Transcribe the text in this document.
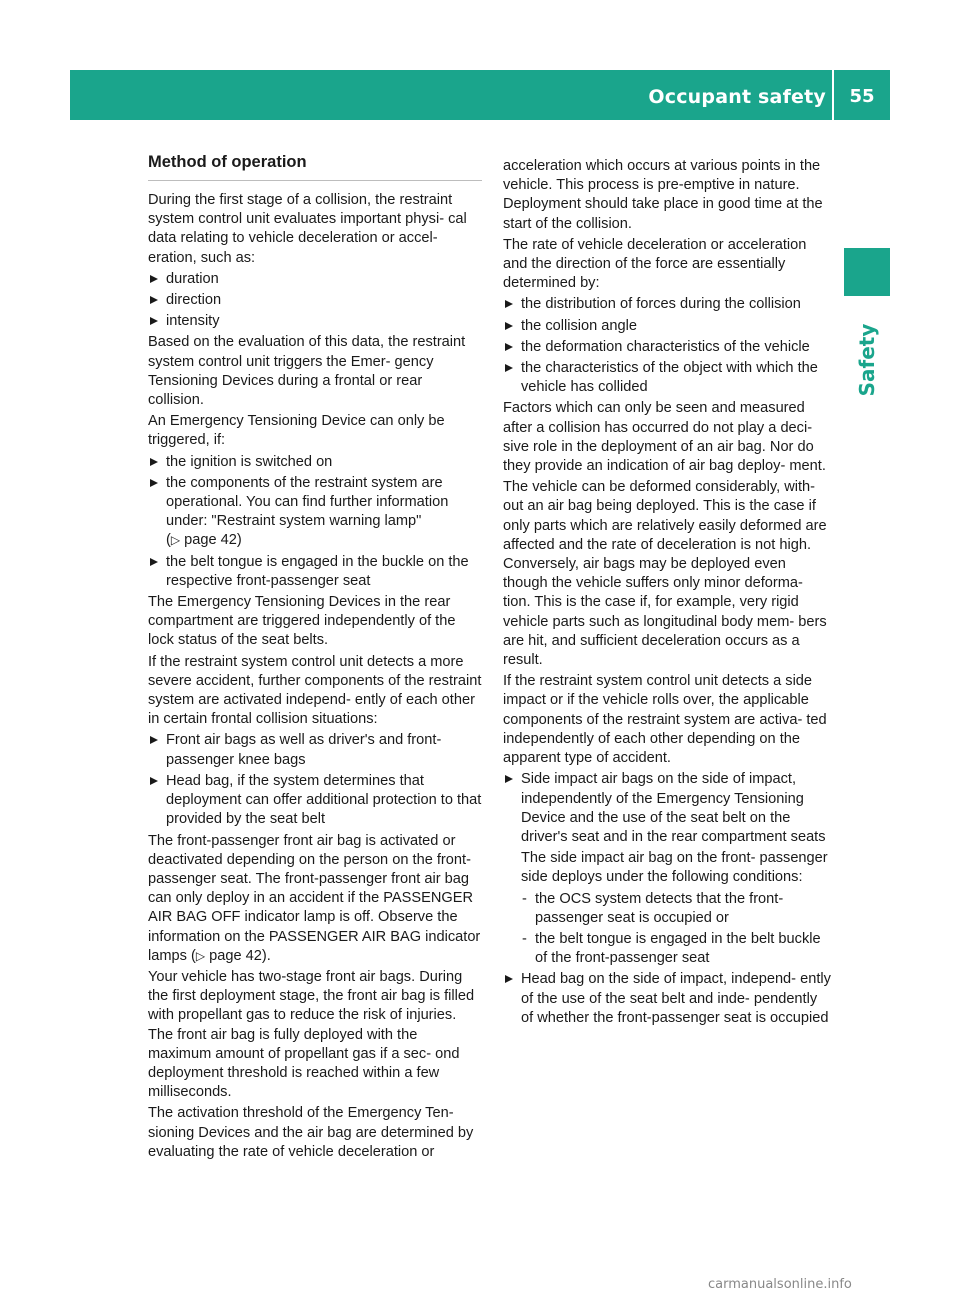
Occupant safety	55
Safety
Method of operation

During the first stage of a collision, the restraint system control unit evaluates important physi- cal data relating to vehicle deceleration or accel- eration, such as:

duration
direction
intensity

Based on the evaluation of this data, the restraint system control unit triggers the Emer- gency Tensioning Devices during a frontal or rear collision.

An Emergency Tensioning Device can only be triggered, if:

the ignition is switched on
the components of the restraint system are operational. You can find further information under: "Restraint system warning lamp"
(▷ page 42)
the belt tongue is engaged in the buckle on the respective front-passenger seat

The Emergency Tensioning Devices in the rear compartment are triggered independently of the lock status of the seat belts.

If the restraint system control unit detects a more severe accident, further components of the restraint system are activated independ- ently of each other in certain frontal collision situations:

Front air bags as well as driver's and front- passenger knee bags
Head bag, if the system determines that deployment can offer additional protection to that provided by the seat belt

The front-passenger front air bag is activated or deactivated depending on the person on the front-passenger seat. The front-passenger front air bag can only deploy in an accident if the PASSENGER AIR BAG OFF indicator lamp is off. Observe the information on the PASSENGER AIR BAG indicator lamps (▷ page 42).

Your vehicle has two-stage front air bags. During the first deployment stage, the front air bag is filled with propellant gas to reduce the risk of injuries. The front air bag is fully deployed with the maximum amount of propellant gas if a sec- ond deployment threshold is reached within a few milliseconds.

The activation threshold of the Emergency Ten- sioning Devices and the air bag are determined by evaluating the rate of vehicle deceleration or

acceleration which occurs at various points in the vehicle. This process is pre-emptive in nature. Deployment should take place in good time at the start of the collision.

The rate of vehicle deceleration or acceleration and the direction of the force are essentially determined by:

the distribution of forces during the collision
the collision angle
the deformation characteristics of the vehicle
the characteristics of the object with which the vehicle has collided

Factors which can only be seen and measured after a collision has occurred do not play a deci- sive role in the deployment of an air bag. Nor do they provide an indication of air bag deploy- ment.

The vehicle can be deformed considerably, with- out an air bag being deployed. This is the case if only parts which are relatively easily deformed are affected and the rate of deceleration is not high. Conversely, air bags may be deployed even though the vehicle suffers only minor deforma- tion. This is the case if, for example, very rigid vehicle parts such as longitudinal body mem- bers are hit, and sufficient deceleration occurs as a result.

If the restraint system control unit detects a side impact or if the vehicle rolls over, the applicable components of the restraint system are activa- ted independently of each other depending on the apparent type of accident.

Side impact air bags on the side of impact, independently of the Emergency Tensioning Device and the use of the seat belt on the driver's seat and in the rear compartment seats

The side impact air bag on the front- passenger side deploys under the following conditions:

- the OCS system detects that the front- passenger seat is occupied or
- the belt tongue is engaged in the belt buckle of the front-passenger seat
Head bag on the side of impact, independ- ently of the use of the seat belt and inde- pendently of whether the front-passenger seat is occupied
carmanualsonline.info
